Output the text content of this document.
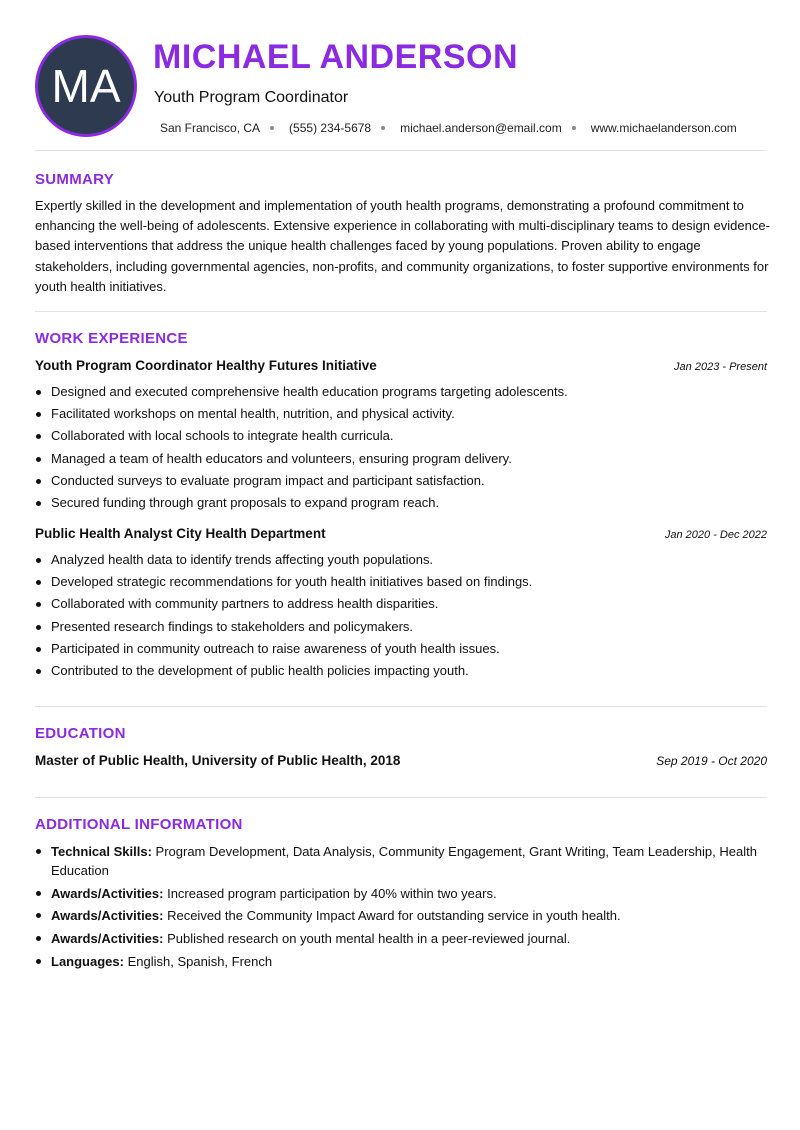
MA
MICHAEL ANDERSON
Youth Program Coordinator
San Francisco, CA (555) 234-5678 michael.anderson@email.com www.michaelanderson.com
SUMMARY

Expertly skilled in the development and implementation of youth health programs, demonstrating a profound commitment to enhancing the well-being of adolescents. Extensive experience in collaborating with multi-disciplinary teams to design evidence-based interventions that address the unique health challenges faced by young populations. Proven ability to engage stakeholders, including governmental agencies, non-profits, and community organizations, to foster supportive environments for youth health initiatives.

WORK EXPERIENCE
Youth Program Coordinator Healthy Futures Initiative	Jan 2023 - Present
Designed and executed comprehensive health education programs targeting adolescents.
Facilitated workshops on mental health, nutrition, and physical activity.
Collaborated with local schools to integrate health curricula.
Managed a team of health educators and volunteers, ensuring program delivery.
Conducted surveys to evaluate program impact and participant satisfaction.
Secured funding through grant proposals to expand program reach.
Public Health Analyst City Health Department	Jan 2020 - Dec 2022
Analyzed health data to identify trends affecting youth populations.
Developed strategic recommendations for youth health initiatives based on findings.
Collaborated with community partners to address health disparities.
Presented research findings to stakeholders and policymakers.
Participated in community outreach to raise awareness of youth health issues.
Contributed to the development of public health policies impacting youth.
EDUCATION
Master of Public Health, University of Public Health, 2018	Sep 2019 - Oct 2020
ADDITIONAL INFORMATION
Technical Skills: Program Development, Data Analysis, Community Engagement, Grant Writing, Team Leadership, Health Education
Awards/Activities: Increased program participation by 40% within two years.
Awards/Activities: Received the Community Impact Award for outstanding service in youth health.
Awards/Activities: Published research on youth mental health in a peer-reviewed journal.
Languages: English, Spanish, French
